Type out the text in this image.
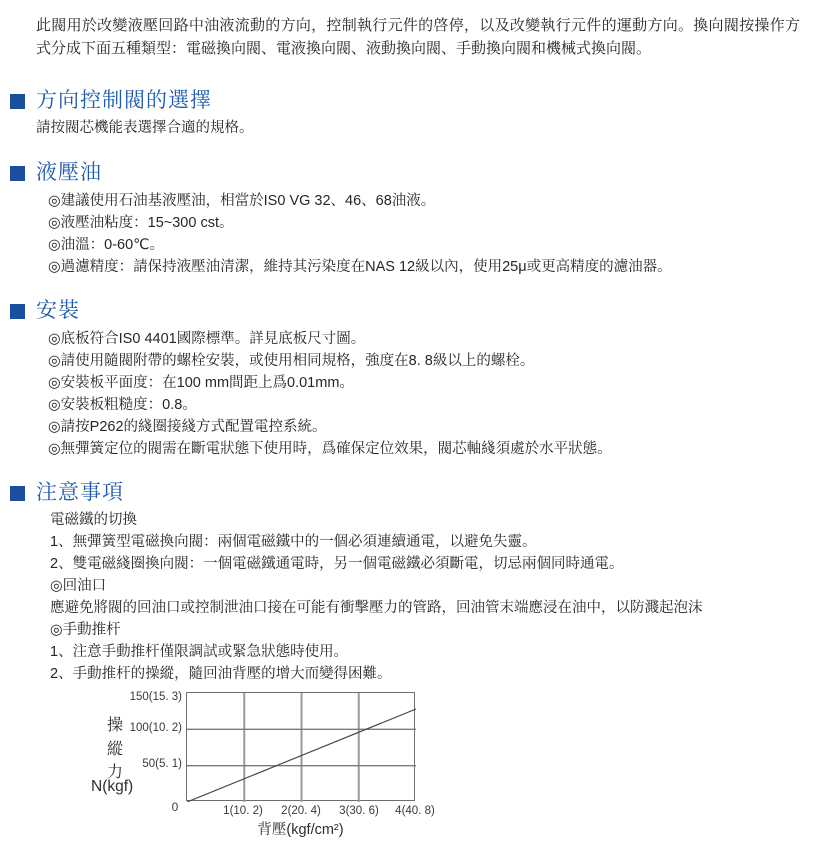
此閥用於改變液壓回路中油液流動的方向，控制執行元件的啓停，以及改變執行元件的運動方向。換向閥按操作方式分成下面五種類型：電磁換向閥、電液換向閥、液動換向閥、手動換向閥和機械式換向閥。
方向控制閥的選擇
請按閥芯機能表選擇合適的規格。
液壓油
◎建議使用石油基液壓油，相當於IS0 VG 32、46、68油液。
◎液壓油粘度：15~300 cst。
◎油溫：0-60℃。
◎過濾精度：請保持液壓油清潔，維持其污染度在NAS 12級以內，使用25μ或更高精度的濾油器。
安裝
◎底板符合IS0 4401國際標準。詳見底板尺寸圖。
◎請使用隨閥附帶的螺栓安裝，或使用相同規格，強度在8. 8級以上的螺栓。
◎安裝板平面度：在100 mm間距上爲0.01mm。
◎安裝板粗糙度：0.8。
◎請按P262的綫圈接綫方式配置電控系統。
◎無彈簧定位的閥需在斷電狀態下使用時，爲確保定位效果，閥芯軸綫須處於水平狀態。
注意事項
電磁鐵的切換
1、無彈簧型電磁換向閥：兩個電磁鐵中的一個必須連續通電，以避免失靈。
2、雙電磁綫圈換向閥：一個電磁鐵通電時，另一個電磁鐵必須斷電，切忌兩個同時通電。
◎回油口
應避免將閥的回油口或控制泄油口接在可能有衝擊壓力的管路，回油管末端應浸在油中，以防濺起泡沫
◎手動推杆
1、注意手動推杆僅限調試或緊急狀態時使用。
2、手動推杆的操縱，隨回油背壓的增大而變得困難。
操
縱
力
N(kgf)
150(15. 3)
100(10. 2)
50(5. 1)
0	1(10. 2)	2(20. 4)	3(30. 6)	4(40. 8)
背壓(kgf/cm²)
